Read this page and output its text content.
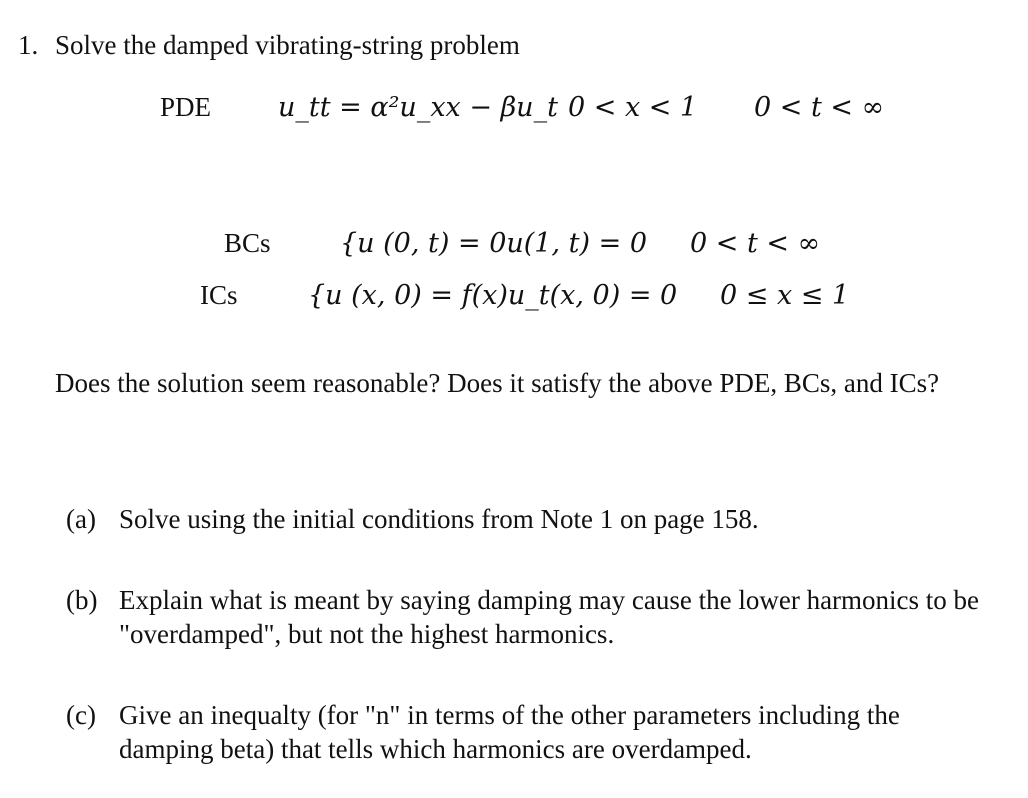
1. Solve the damped vibrating-string problem
PDE u_tt = α²u_xx − βu_t 0 < x < 1 0 < t < ∞
BCs	{u (0, t) = 0u(1, t) = 0 0 < t < ∞
ICs	{u (x, 0) = f(x)u_t(x, 0) = 0 0 ≤ x ≤ 1
Does the solution seem reasonable? Does it satisfy the above PDE, BCs, and ICs?
(a) Solve using the initial conditions from Note 1 on page 158.
(b) Explain what is meant by saying damping may cause the lower harmonics to be "overdamped", but not the highest harmonics.
(c) Give an inequalty (for "n" in terms of the other parameters including the damping beta) that tells which harmonics are overdamped.
